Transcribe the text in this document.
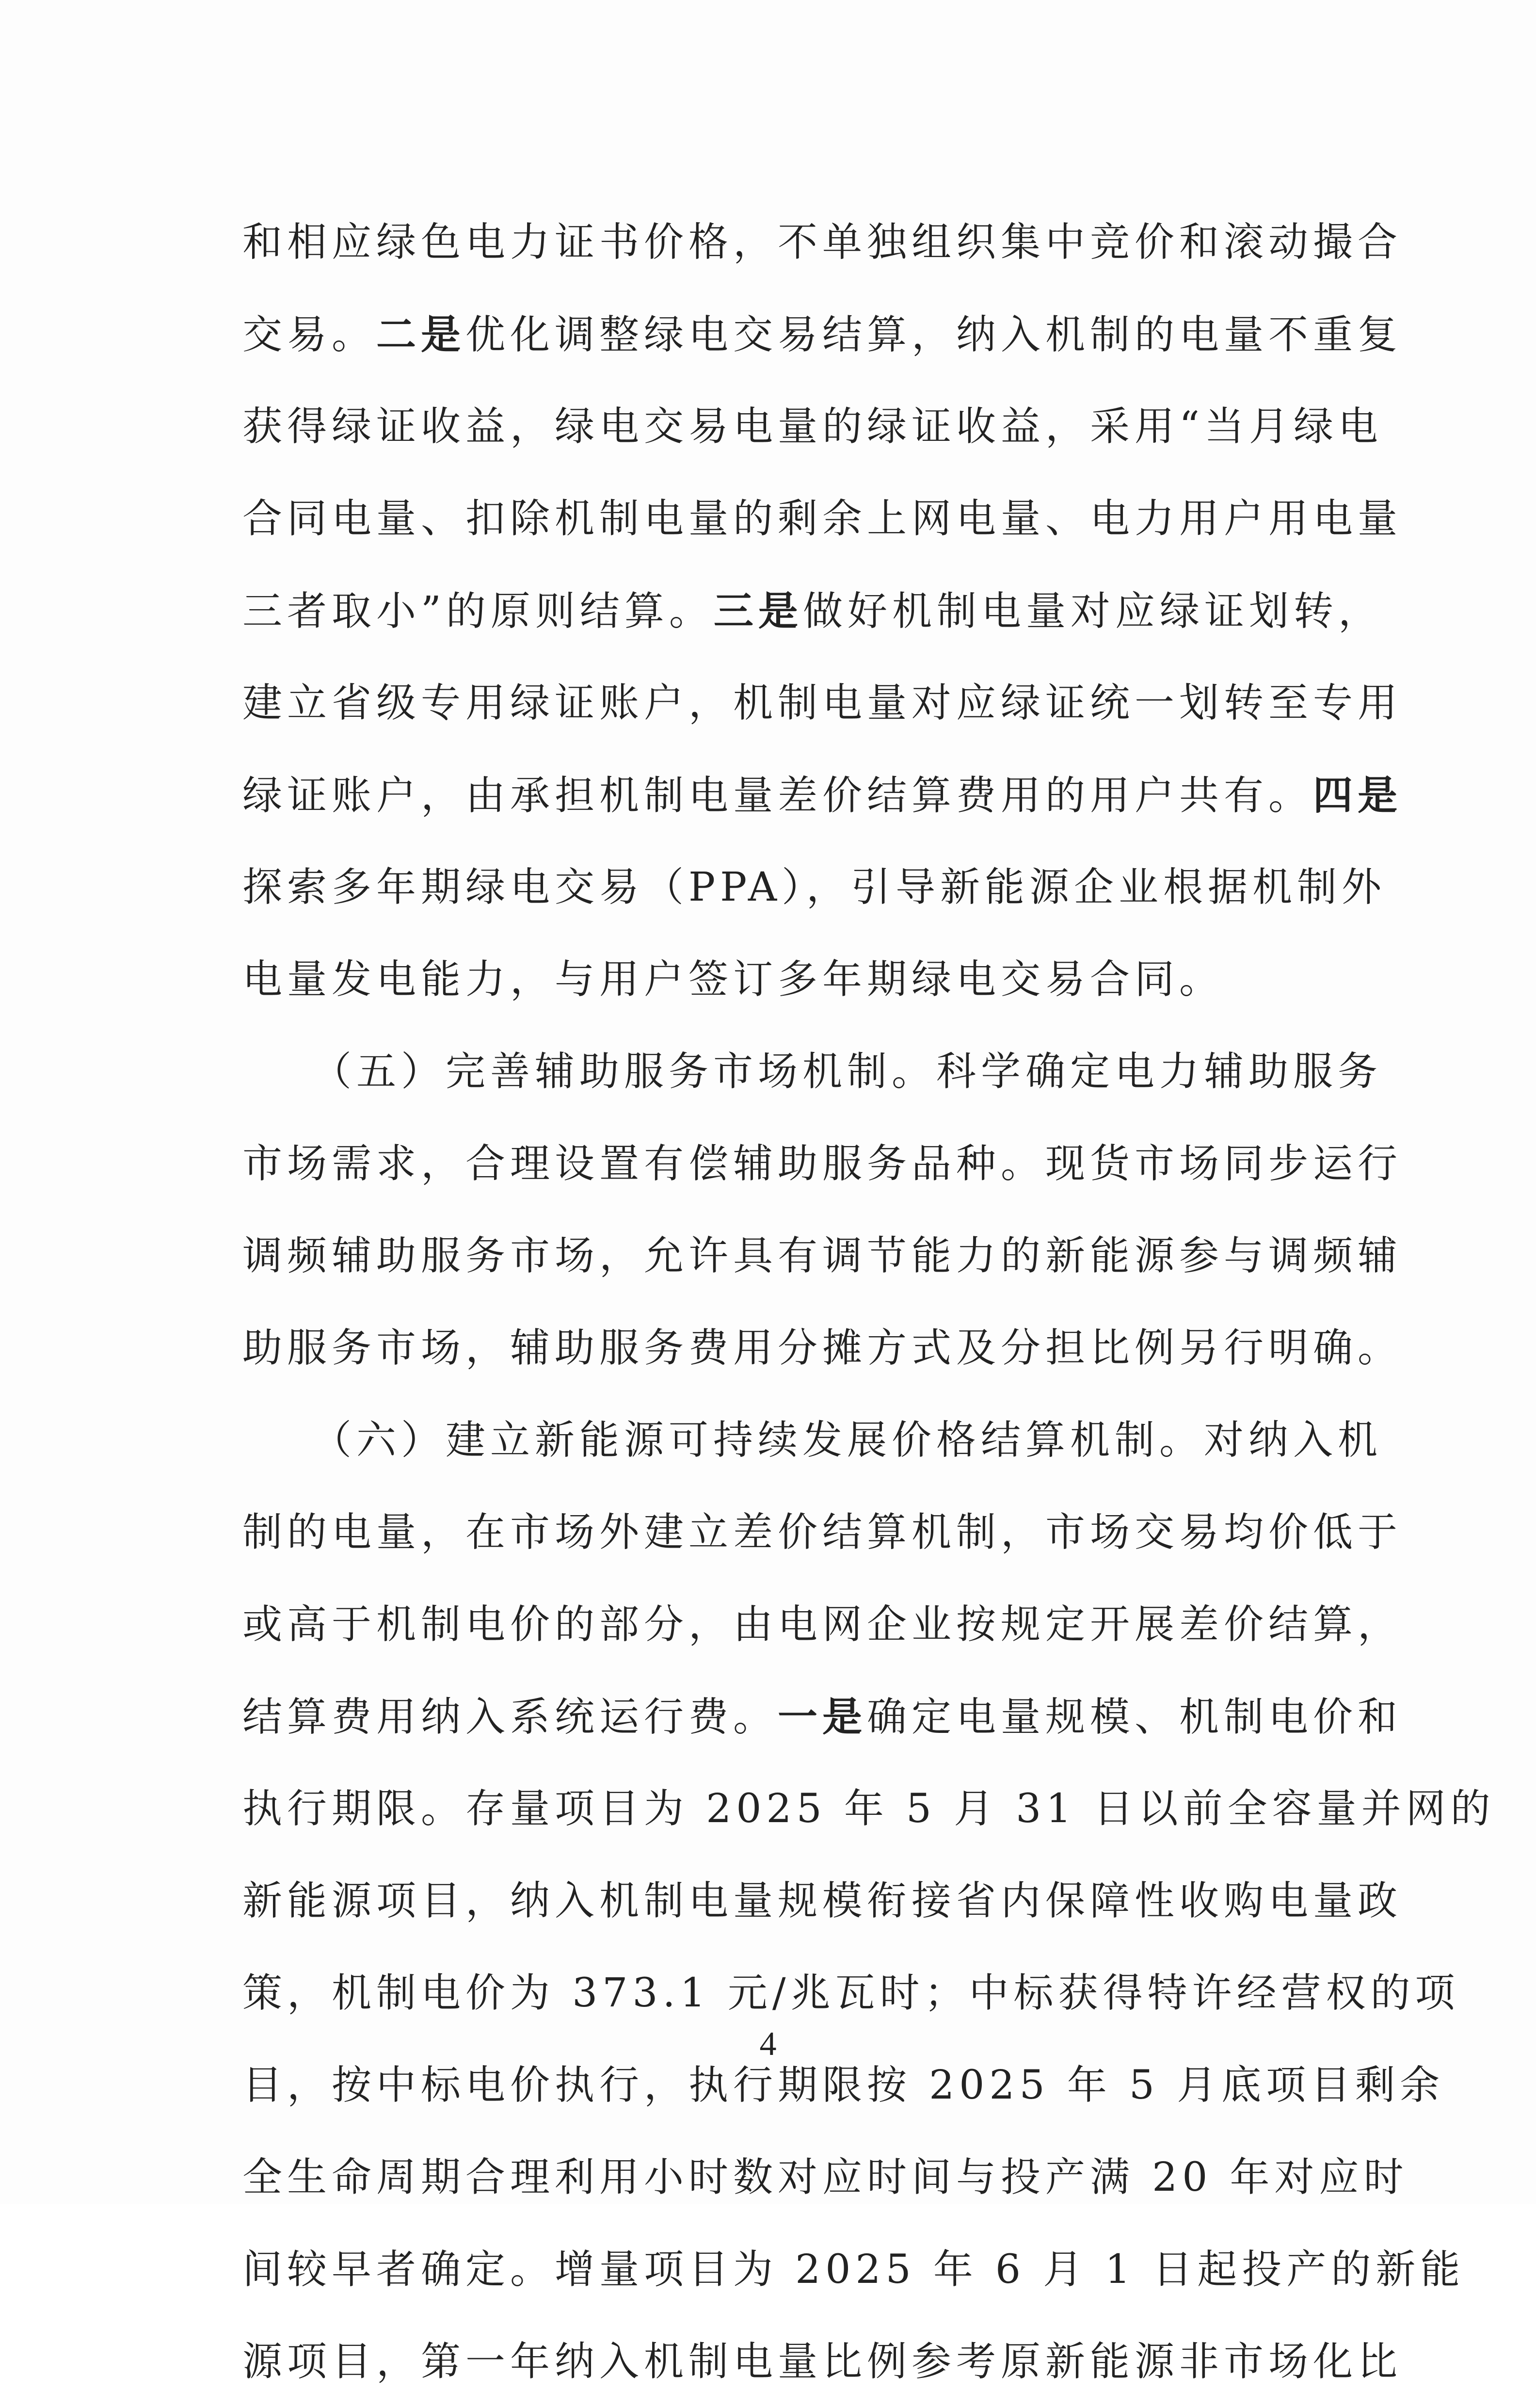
和相应绿色电力证书价格，不单独组织集中竞价和滚动撮合
交易。二是优化调整绿电交易结算，纳入机制的电量不重复
获得绿证收益，绿电交易电量的绿证收益，采用“当月绿电
合同电量、扣除机制电量的剩余上网电量、电力用户用电量
三者取小”的原则结算。三是做好机制电量对应绿证划转，
建立省级专用绿证账户，机制电量对应绿证统一划转至专用
绿证账户，由承担机制电量差价结算费用的用户共有。四是
探索多年期绿电交易（PPA），引导新能源企业根据机制外
电量发电能力，与用户签订多年期绿电交易合同。
　　（五）完善辅助服务市场机制。科学确定电力辅助服务
市场需求，合理设置有偿辅助服务品种。现货市场同步运行
调频辅助服务市场，允许具有调节能力的新能源参与调频辅
助服务市场，辅助服务费用分摊方式及分担比例另行明确。
　　（六）建立新能源可持续发展价格结算机制。对纳入机
制的电量，在市场外建立差价结算机制，市场交易均价低于
或高于机制电价的部分，由电网企业按规定开展差价结算，
结算费用纳入系统运行费。一是确定电量规模、机制电价和
执行期限。存量项目为 2025 年 5 月 31 日以前全容量并网的
新能源项目，纳入机制电量规模衔接省内保障性收购电量政
策，机制电价为 373.1 元/兆瓦时；中标获得特许经营权的项
目，按中标电价执行，执行期限按 2025 年 5 月底项目剩余
全生命周期合理利用小时数对应时间与投产满 20 年对应时
间较早者确定。增量项目为 2025 年 6 月 1 日起投产的新能
源项目，第一年纳入机制电量比例参考原新能源非市场化比
4
